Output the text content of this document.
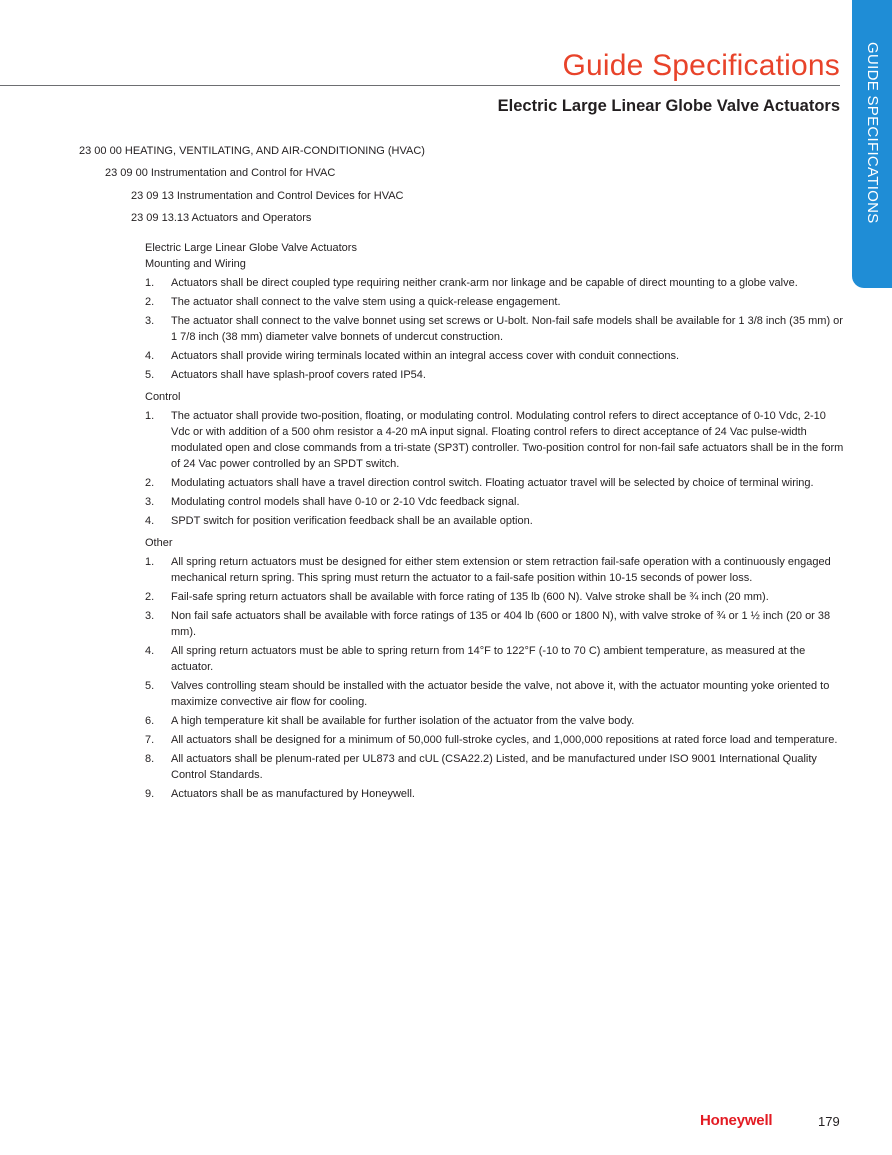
GUIDE SPECIFICATIONS
Guide Specifications
Electric Large Linear Globe Valve Actuators
23 00 00 HEATING, VENTILATING, AND AIR-CONDITIONING (HVAC)
23 09 00 Instrumentation and Control for HVAC
23 09 13 Instrumentation and Control Devices for HVAC
23 09 13.13 Actuators and Operators
Electric Large Linear Globe Valve Actuators
Mounting and Wiring
1. Actuators shall be direct coupled type requiring neither crank-arm nor linkage and be capable of direct mounting to a globe valve.
2. The actuator shall connect to the valve stem using a quick-release engagement.
3. The actuator shall connect to the valve bonnet using set screws or U-bolt. Non-fail safe models shall be available for 1 3/8 inch (35 mm) or 1 7/8 inch (38 mm) diameter valve bonnets of undercut construction.
4. Actuators shall provide wiring terminals located within an integral access cover with conduit connections.
5. Actuators shall have splash-proof covers rated IP54.
Control
1. The actuator shall provide two-position, floating, or modulating control. Modulating control refers to direct acceptance of 0-10 Vdc, 2-10 Vdc or with addition of a 500 ohm resistor a 4-20 mA input signal. Floating control refers to direct acceptance of 24 Vac pulse-width modulated open and close commands from a tri-state (SP3T) controller. Two-position control for non-fail safe actuators shall be in the form of 24 Vac power controlled by an SPDT switch.
2. Modulating actuators shall have a travel direction control switch. Floating actuator travel will be selected by choice of terminal wiring.
3. Modulating control models shall have 0-10 or 2-10 Vdc feedback signal.
4. SPDT switch for position verification feedback shall be an available option.
Other
1. All spring return actuators must be designed for either stem extension or stem retraction fail-safe operation with a continuously engaged mechanical return spring. This spring must return the actuator to a fail-safe position within 10-15 seconds of power loss.
2. Fail-safe spring return actuators shall be available with force rating of 135 lb (600 N). Valve stroke shall be ¾ inch (20 mm).
3. Non fail safe actuators shall be available with force ratings of 135 or 404 lb (600 or 1800 N), with valve stroke of ¾ or 1 ½ inch (20 or 38 mm).
4. All spring return actuators must be able to spring return from 14°F to 122°F (-10 to 70 C) ambient temperature, as measured at the actuator.
5. Valves controlling steam should be installed with the actuator beside the valve, not above it, with the actuator mounting yoke oriented to maximize convective air flow for cooling.
6. A high temperature kit shall be available for further isolation of the actuator from the valve body.
7. All actuators shall be designed for a minimum of 50,000 full-stroke cycles, and 1,000,000 repositions at rated force load and temperature.
8. All actuators shall be plenum-rated per UL873 and cUL (CSA22.2) Listed, and be manufactured under ISO 9001 International Quality Control Standards.
9. Actuators shall be as manufactured by Honeywell.
Honeywell	179
